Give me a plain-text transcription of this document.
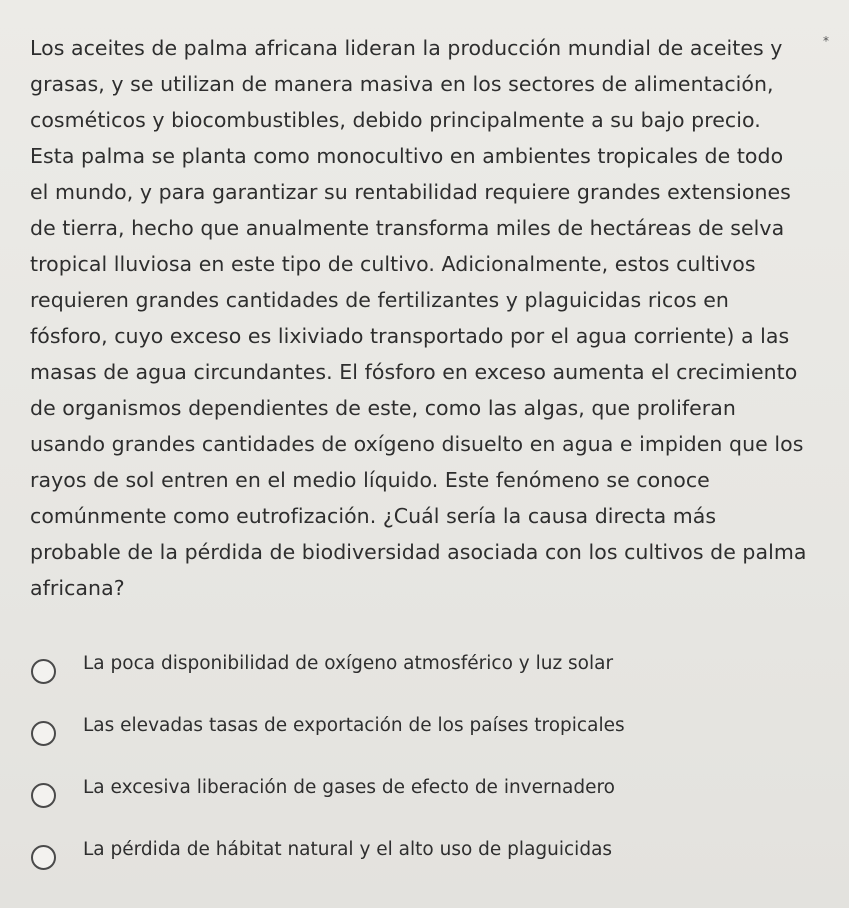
Los aceites de palma africana lideran la producción mundial de aceites y
grasas, y se utilizan de manera masiva en los sectores de alimentación,
cosméticos y biocombustibles, debido principalmente a su bajo precio.
Esta palma se planta como monocultivo en ambientes tropicales de todo
el mundo, y para garantizar su rentabilidad requiere grandes extensiones
de tierra, hecho que anualmente transforma miles de hectáreas de selva
tropical lluviosa en este tipo de cultivo. Adicionalmente, estos cultivos
requieren grandes cantidades de fertilizantes y plaguicidas ricos en
fósforo, cuyo exceso es lixiviado transportado por el agua corriente) a las
masas de agua circundantes. El fósforo en exceso aumenta el crecimiento
de organismos dependientes de este, como las algas, que proliferan
usando grandes cantidades de oxígeno disuelto en agua e impiden que los
rayos de sol entren en el medio líquido. Este fenómeno se conoce
comúnmente como eutrofización. ¿Cuál sería la causa directa más
probable de la pérdida de biodiversidad asociada con los cultivos de palma
africana?
*
La poca disponibilidad de oxígeno atmosférico y luz solar
Las elevadas tasas de exportación de los países tropicales
La excesiva liberación de gases de efecto de invernadero
La pérdida de hábitat natural y el alto uso de plaguicidas
